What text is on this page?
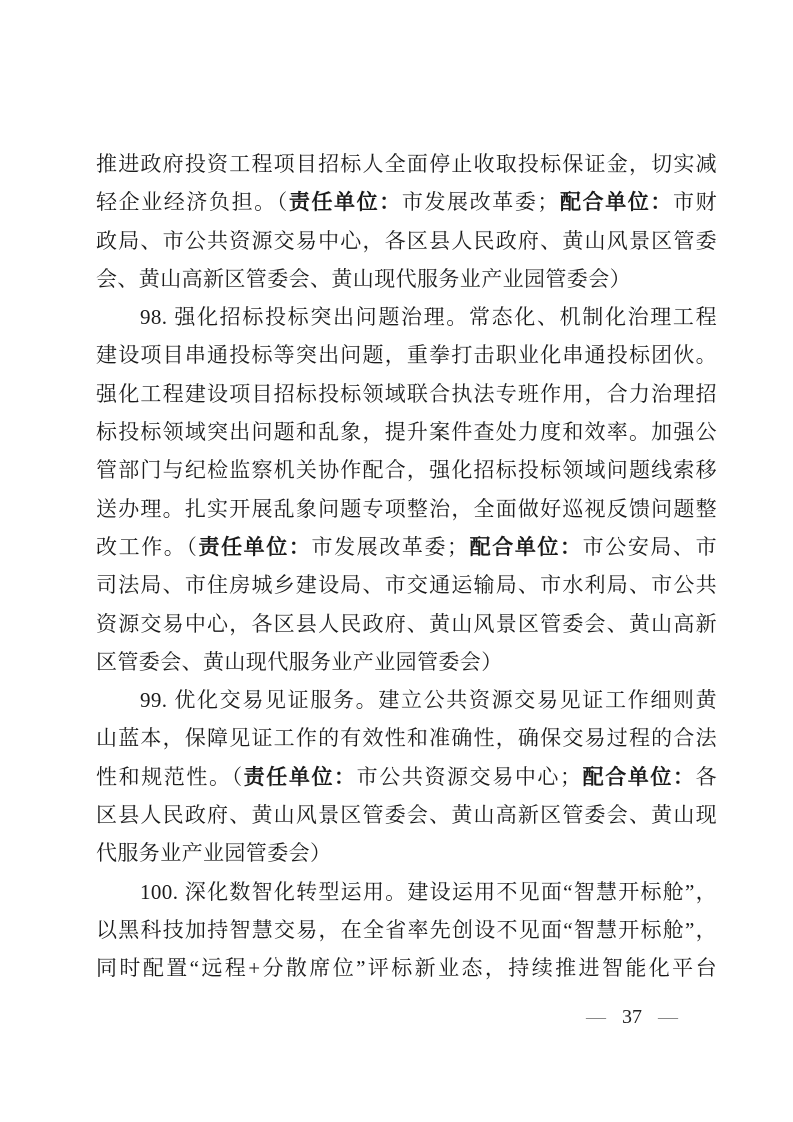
推进政府投资工程项目招标人全面停止收取投标保证金，切实减
轻企业经济负担。（责任单位：市发展改革委；配合单位：市财
政局、市公共资源交易中心，各区县人民政府、黄山风景区管委
会、黄山高新区管委会、黄山现代服务业产业园管委会）
98. 强化招标投标突出问题治理。常态化、机制化治理工程
建设项目串通投标等突出问题，重拳打击职业化串通投标团伙。
强化工程建设项目招标投标领域联合执法专班作用，合力治理招
标投标领域突出问题和乱象，提升案件查处力度和效率。加强公
管部门与纪检监察机关协作配合，强化招标投标领域问题线索移
送办理。扎实开展乱象问题专项整治，全面做好巡视反馈问题整
改工作。（责任单位：市发展改革委；配合单位：市公安局、市
司法局、市住房城乡建设局、市交通运输局、市水利局、市公共
资源交易中心，各区县人民政府、黄山风景区管委会、黄山高新
区管委会、黄山现代服务业产业园管委会）
99. 优化交易见证服务。建立公共资源交易见证工作细则黄
山蓝本，保障见证工作的有效性和准确性，确保交易过程的合法
性和规范性。（责任单位：市公共资源交易中心；配合单位：各
区县人民政府、黄山风景区管委会、黄山高新区管委会、黄山现
代服务业产业园管委会）
100. 深化数智化转型运用。建设运用不见面“智慧开标舱”，
以黑科技加持智慧交易，在全省率先创设不见面“智慧开标舱”，
同时配置“远程+分散席位”评标新业态，持续推进智能化平台
— 37 —
